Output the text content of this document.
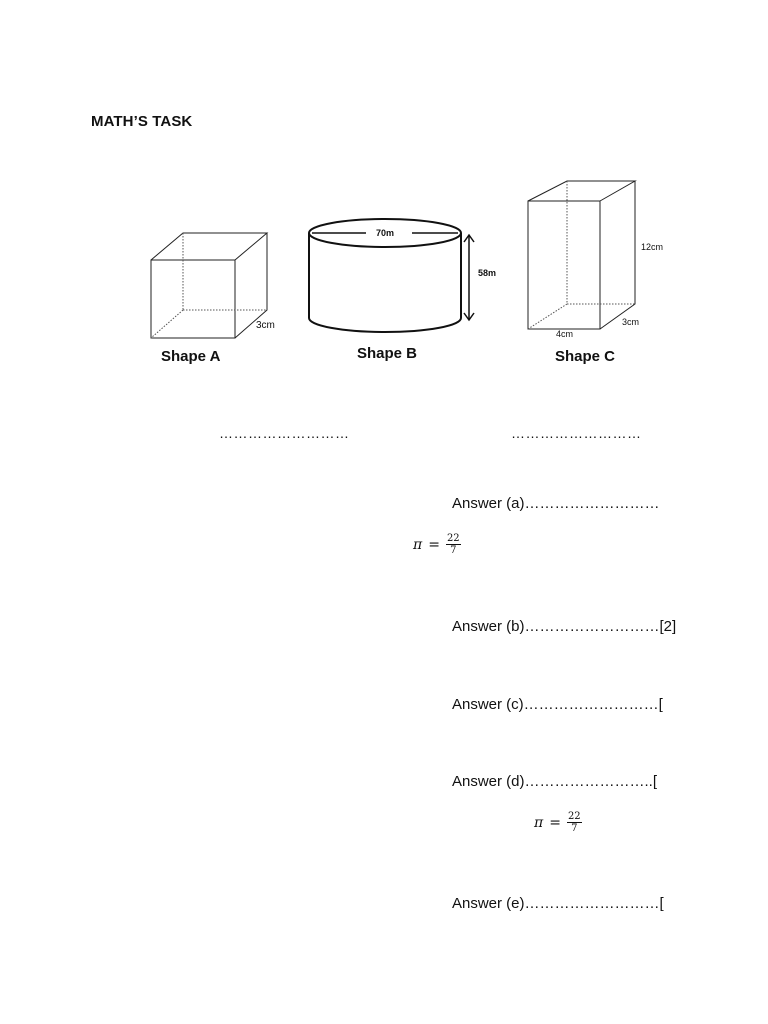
MATH’S TASK
3cm
Shape A
70m
58m
Shape B
12cm
4cm
3cm
Shape C
………………………	………………………
Answer (a)………………………
$\pi = \frac{22}{7}$
Answer (b)………………………[2]
Answer (c)………………………[
Answer (d)……………………..[
$\pi = \frac{22}{7}$
Answer (e)………………………[
